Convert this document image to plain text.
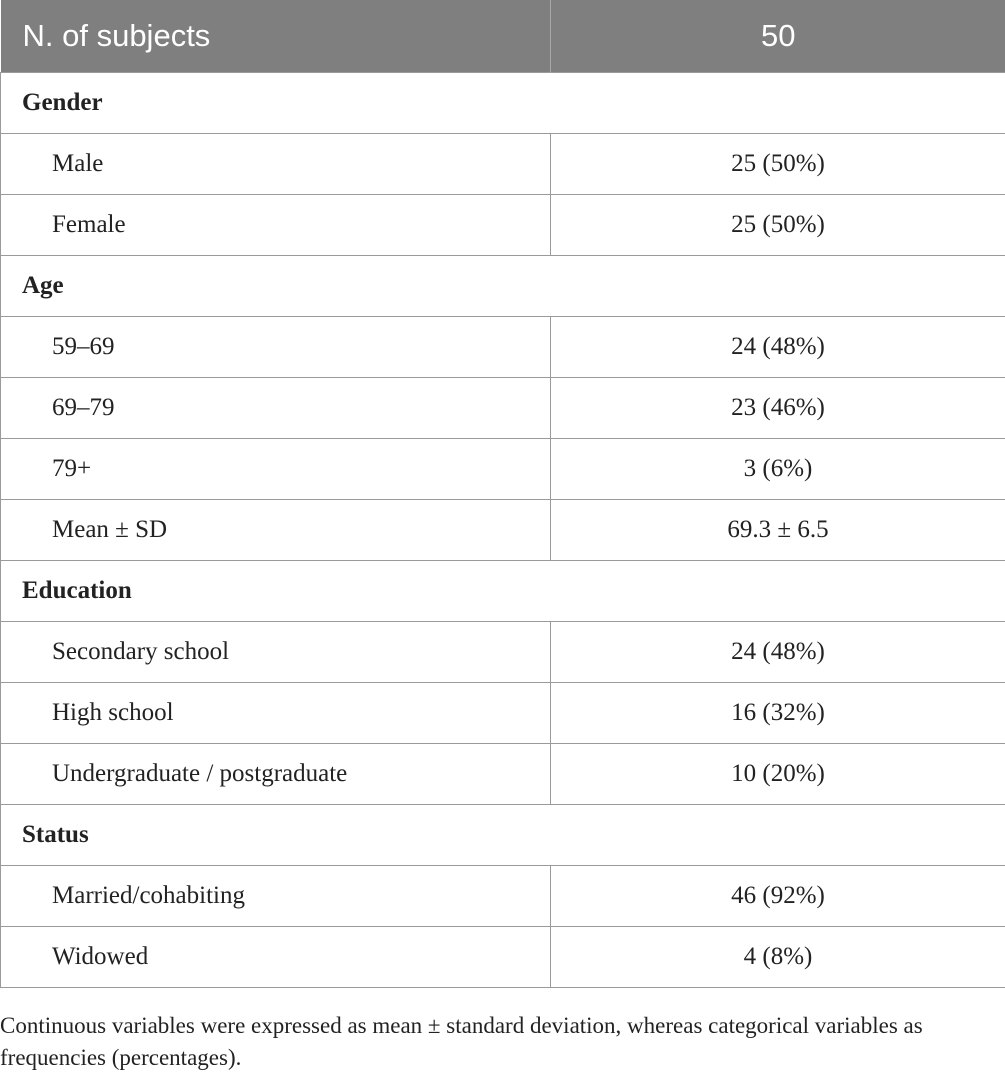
N. of subjects	50
Gender	
Male	25 (50%)
Female	25 (50%)
Age	
59–69	24 (48%)
69–79	23 (46%)
79+	3 (6%)
Mean ± SD	69.3 ± 6.5
Education	
Secondary school	24 (48%)
High school	16 (32%)
Undergraduate / postgraduate	10 (20%)
Status	
Married/cohabiting	46 (92%)
Widowed	4 (8%)

Continuous variables were expressed as mean ± standard deviation, whereas categorical variables as frequencies (percentages).
